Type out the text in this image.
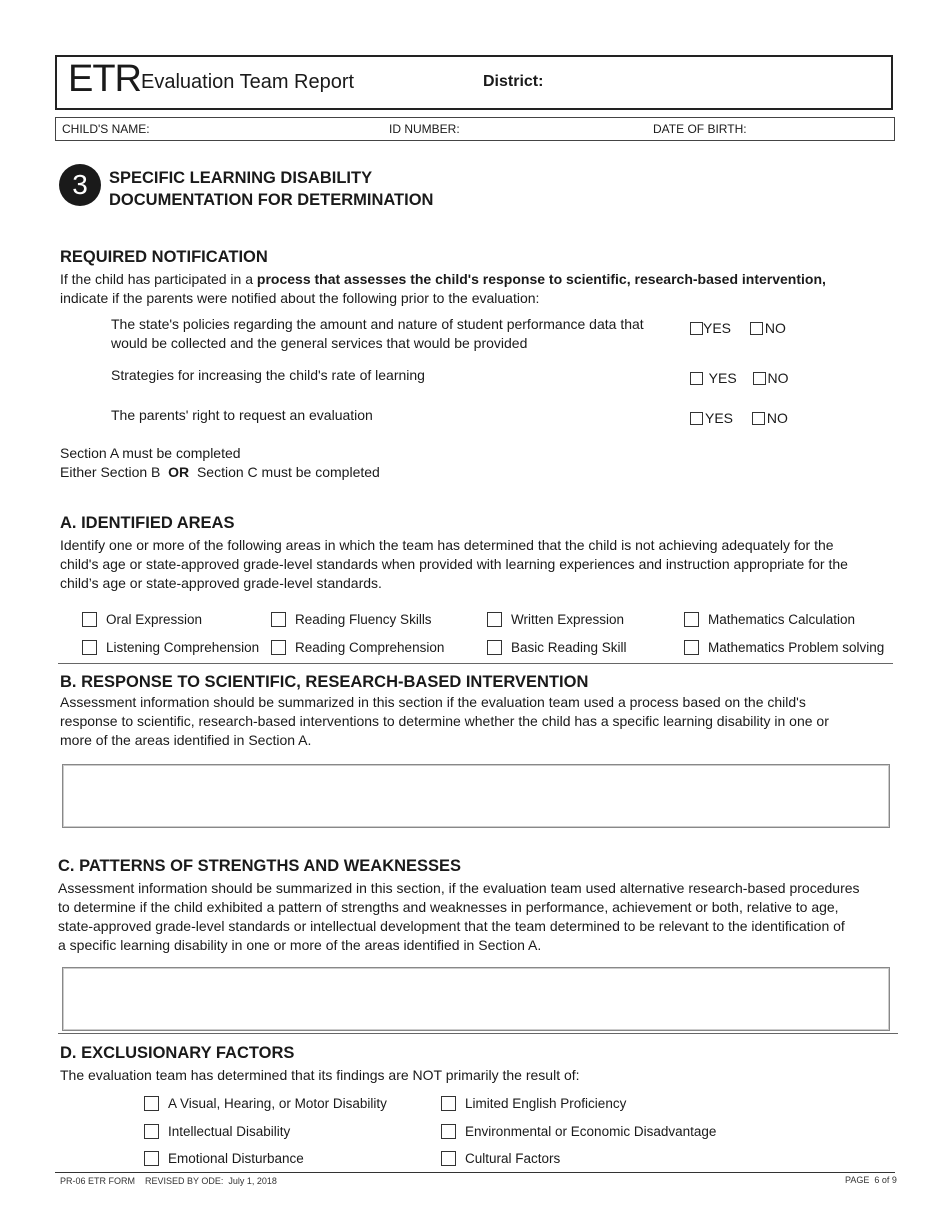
ETR Evaluation Team Report	District:
CHILD'S NAME:	ID NUMBER:	DATE OF BIRTH:
3	SPECIFIC LEARNING DISABILITY
DOCUMENTATION FOR DETERMINATION
REQUIRED NOTIFICATION
If the child has participated in a process that assesses the child's response to scientific, research-based intervention,
indicate if the parents were notified about the following prior to the evaluation:
The state's policies regarding the amount and nature of student performance data that
would be collected and the general services that would be provided
YES NO
Strategies for increasing the child's rate of learning	YES NO
The parents' right to request an evaluation	YES NO
Section A must be completed
Either Section B OR Section C must be completed
A. IDENTIFIED AREAS
Identify one or more of the following areas in which the team has determined that the child is not achieving adequately for the
child's age or state-approved grade-level standards when provided with learning experiences and instruction appropriate for the
child’s age or state-approved grade-level standards.
Oral Expression	Reading Fluency Skills	Written Expression	Mathematics Calculation
Listening Comprehension	Reading Comprehension	Basic Reading Skill	Mathematics Problem solving
B. RESPONSE TO SCIENTIFIC, RESEARCH-BASED INTERVENTION
Assessment information should be summarized in this section if the evaluation team used a process based on the child's
response to scientific, research-based interventions to determine whether the child has a specific learning disability in one or
more of the areas identified in Section A.
C. PATTERNS OF STRENGTHS AND WEAKNESSES
Assessment information should be summarized in this section, if the evaluation team used alternative research-based procedures
to determine if the child exhibited a pattern of strengths and weaknesses in performance, achievement or both, relative to age,
state-approved grade-level standards or intellectual development that the team determined to be relevant to the identification of
a specific learning disability in one or more of the areas identified in Section A.
D. EXCLUSIONARY FACTORS
The evaluation team has determined that its findings are NOT primarily the result of:
A Visual, Hearing, or Motor Disability	Limited English Proficiency
Intellectual Disability	Environmental or Economic Disadvantage
Emotional Disturbance	Cultural Factors
PR-06 ETR FORM    REVISED BY ODE:  July 1, 2018	PAGE  6 of 9
